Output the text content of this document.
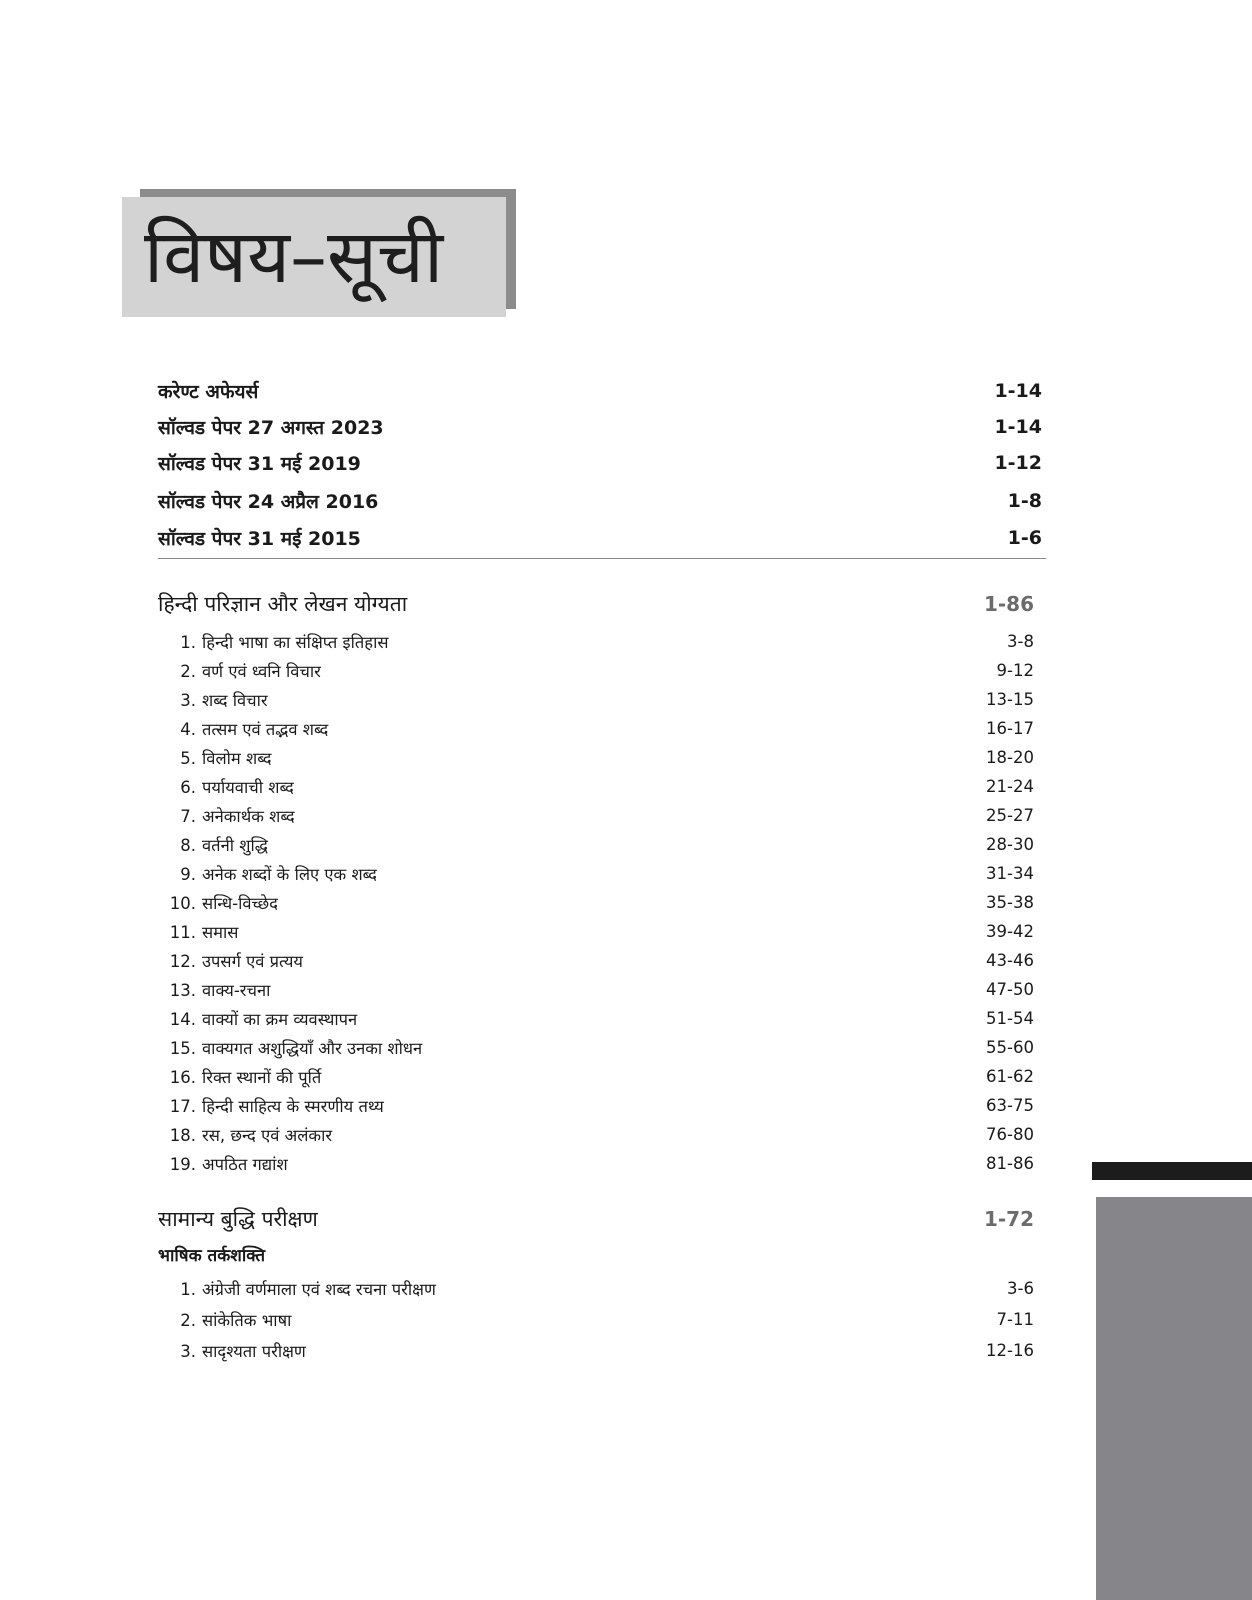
विषय–सूची
करेण्ट अफेयर्स	1-14
सॉल्वड पेपर 27 अगस्त 2023	1-14
सॉल्वड पेपर 31 मई 2019	1-12
सॉल्वड पेपर 24 अप्रैल 2016	1-8
सॉल्वड पेपर 31 मई 2015	1-6
हिन्दी परिज्ञान और लेखन योग्यता	1-86
1. हिन्दी भाषा का संक्षिप्त इतिहास	3-8
2. वर्ण एवं ध्वनि विचार	9-12
3. शब्द विचार	13-15
4. तत्सम एवं तद्भव शब्द	16-17
5. विलोम शब्द	18-20
6. पर्यायवाची शब्द	21-24
7. अनेकार्थक शब्द	25-27
8. वर्तनी शुद्धि	28-30
9. अनेक शब्दों के लिए एक शब्द	31-34
10. सन्धि-विच्छेद	35-38
11. समास	39-42
12. उपसर्ग एवं प्रत्यय	43-46
13. वाक्य-रचना	47-50
14. वाक्यों का क्रम व्यवस्थापन	51-54
15. वाक्यगत अशुद्धियाँ और उनका शोधन	55-60
16. रिक्त स्थानों की पूर्ति	61-62
17. हिन्दी साहित्य के स्मरणीय तथ्य	63-75
18. रस, छन्द एवं अलंकार	76-80
19. अपठित गद्यांश	81-86
सामान्य बुद्धि परीक्षण	1-72
भाषिक तर्कशक्ति
1. अंग्रेजी वर्णमाला एवं शब्द रचना परीक्षण	3-6
2. सांकेतिक भाषा	7-11
3. सादृश्यता परीक्षण	12-16
